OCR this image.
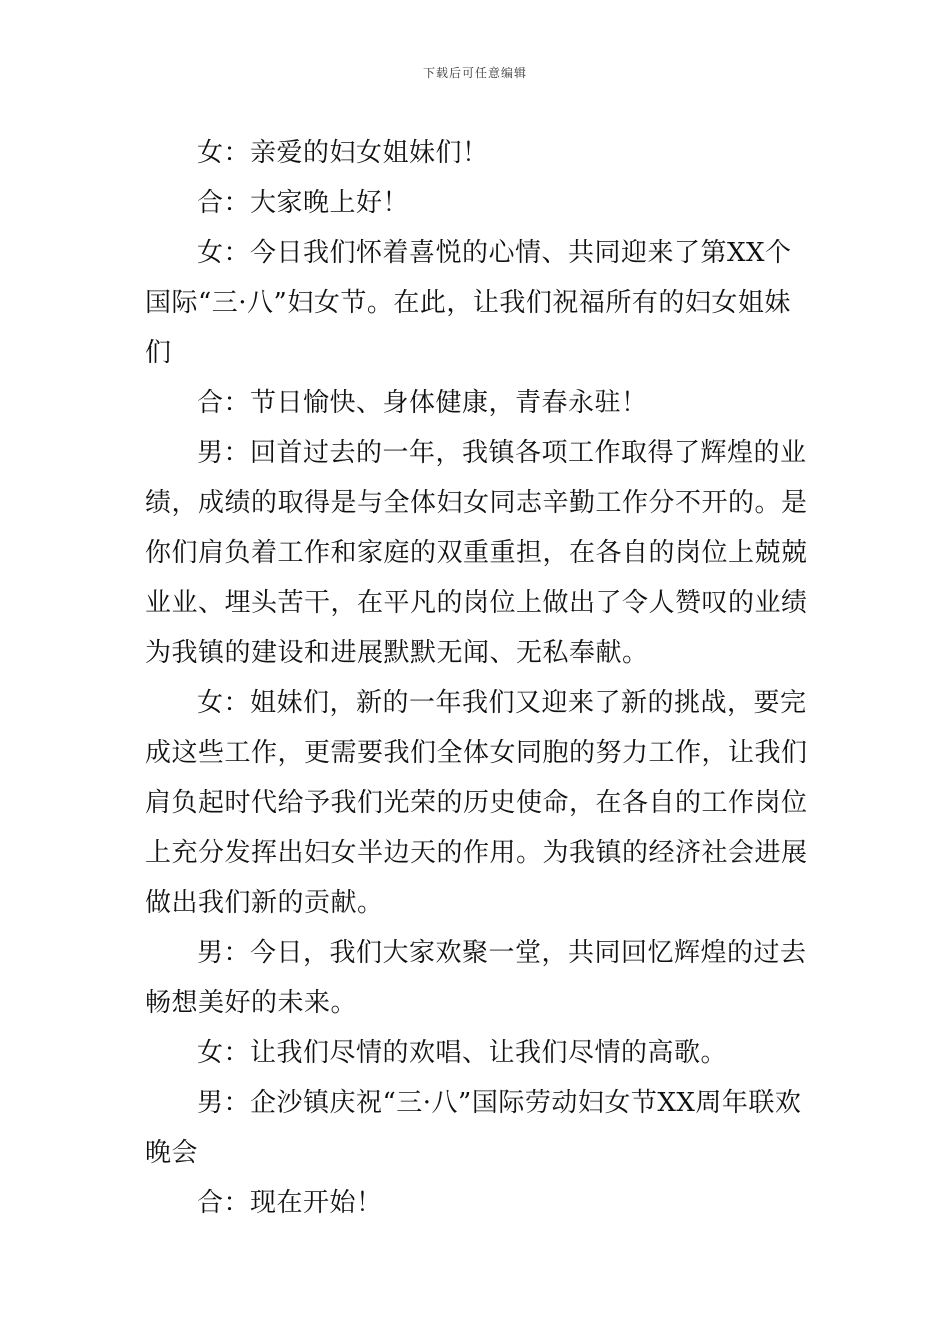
下载后可任意编辑

女：亲爱的妇女姐妹们！

合：大家晚上好！

女：今日我们怀着喜悦的心情、共同迎来了第XX个国际“三·八”妇女节。在此，让我们祝福所有的妇女姐妹们

合：节日愉快、身体健康，青春永驻！

男：回首过去的一年，我镇各项工作取得了辉煌的业绩，成绩的取得是与全体妇女同志辛勤工作分不开的。是你们肩负着工作和家庭的双重重担，在各自的岗位上兢兢业业、埋头苦干，在平凡的岗位上做出了令人赞叹的业绩为我镇的建设和进展默默无闻、无私奉献。

女：姐妹们，新的一年我们又迎来了新的挑战，要完成这些工作，更需要我们全体女同胞的努力工作，让我们肩负起时代给予我们光荣的历史使命，在各自的工作岗位上充分发挥出妇女半边天的作用。为我镇的经济社会进展做出我们新的贡献。

男：今日，我们大家欢聚一堂，共同回忆辉煌的过去畅想美好的未来。

女：让我们尽情的欢唱、让我们尽情的高歌。

男：企沙镇庆祝“三·八”国际劳动妇女节XX周年联欢晚会

合：现在开始！
